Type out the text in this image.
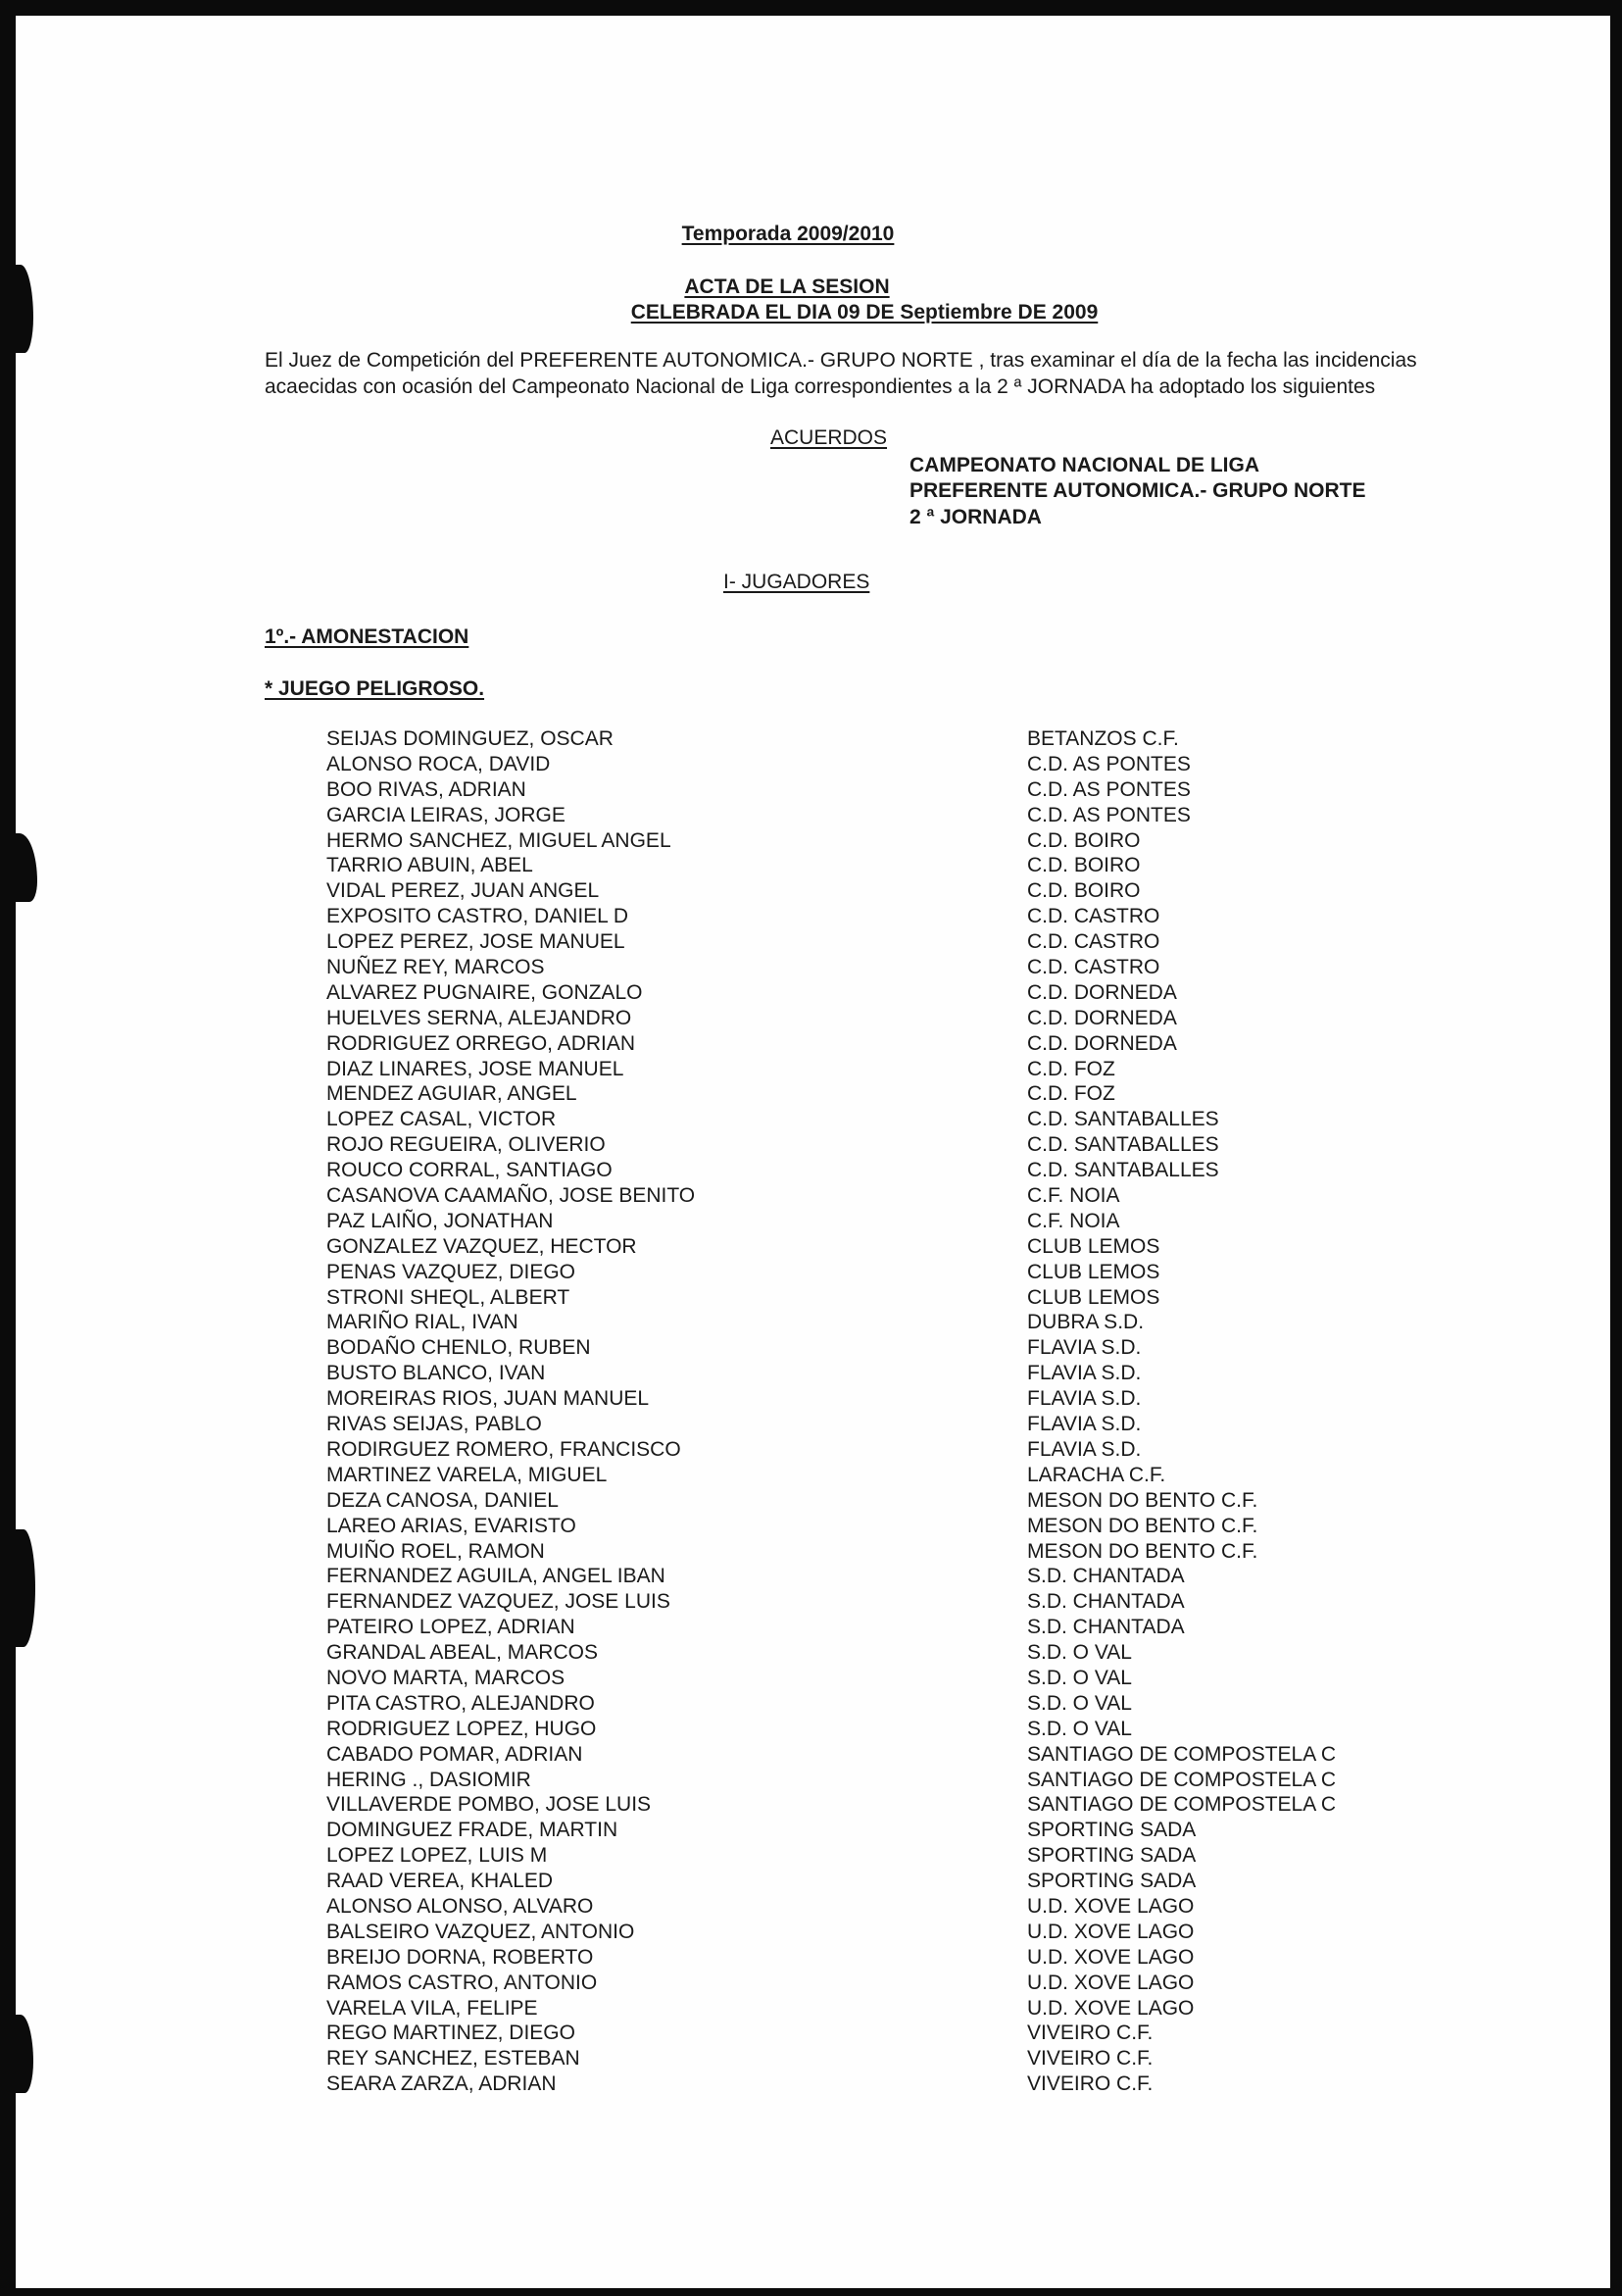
Temporada 2009/2010
ACTA DE LA SESION
CELEBRADA EL DIA 09 DE Septiembre DE 2009
El Juez de Competición del PREFERENTE AUTONOMICA.- GRUPO NORTE , tras examinar el día de la fecha las incidencias acaecidas con ocasión del Campeonato Nacional de Liga correspondientes a la 2 ª JORNADA ha adoptado los siguientes
ACUERDOS
CAMPEONATO NACIONAL DE LIGA
PREFERENTE AUTONOMICA.- GRUPO NORTE
2 ª JORNADA
I- JUGADORES
1º.- AMONESTACION
* JUEGO PELIGROSO.
SEIJAS DOMINGUEZ, OSCAR	BETANZOS C.F.
ALONSO ROCA, DAVID	C.D. AS PONTES
BOO RIVAS, ADRIAN	C.D. AS PONTES
GARCIA LEIRAS, JORGE	C.D. AS PONTES
HERMO SANCHEZ, MIGUEL ANGEL	C.D. BOIRO
TARRIO ABUIN, ABEL	C.D. BOIRO
VIDAL PEREZ, JUAN ANGEL	C.D. BOIRO
EXPOSITO CASTRO, DANIEL D	C.D. CASTRO
LOPEZ PEREZ, JOSE MANUEL	C.D. CASTRO
NUÑEZ REY, MARCOS	C.D. CASTRO
ALVAREZ PUGNAIRE, GONZALO	C.D. DORNEDA
HUELVES SERNA, ALEJANDRO	C.D. DORNEDA
RODRIGUEZ ORREGO, ADRIAN	C.D. DORNEDA
DIAZ LINARES, JOSE MANUEL	C.D. FOZ
MENDEZ AGUIAR, ANGEL	C.D. FOZ
LOPEZ CASAL, VICTOR	C.D. SANTABALLES
ROJO REGUEIRA, OLIVERIO	C.D. SANTABALLES
ROUCO CORRAL, SANTIAGO	C.D. SANTABALLES
CASANOVA CAAMAÑO, JOSE BENITO	C.F. NOIA
PAZ LAIÑO, JONATHAN	C.F. NOIA
GONZALEZ VAZQUEZ, HECTOR	CLUB LEMOS
PENAS VAZQUEZ, DIEGO	CLUB LEMOS
STRONI SHEQL, ALBERT	CLUB LEMOS
MARIÑO RIAL, IVAN	DUBRA S.D.
BODAÑO CHENLO, RUBEN	FLAVIA S.D.
BUSTO BLANCO, IVAN	FLAVIA S.D.
MOREIRAS RIOS, JUAN MANUEL	FLAVIA S.D.
RIVAS SEIJAS, PABLO	FLAVIA S.D.
RODIRGUEZ ROMERO, FRANCISCO	FLAVIA S.D.
MARTINEZ VARELA, MIGUEL	LARACHA C.F.
DEZA CANOSA, DANIEL	MESON DO BENTO C.F.
LAREO ARIAS, EVARISTO	MESON DO BENTO C.F.
MUIÑO ROEL, RAMON	MESON DO BENTO C.F.
FERNANDEZ AGUILA, ANGEL IBAN	S.D. CHANTADA
FERNANDEZ VAZQUEZ, JOSE LUIS	S.D. CHANTADA
PATEIRO LOPEZ, ADRIAN	S.D. CHANTADA
GRANDAL ABEAL, MARCOS	S.D. O VAL
NOVO MARTA, MARCOS	S.D. O VAL
PITA CASTRO, ALEJANDRO	S.D. O VAL
RODRIGUEZ LOPEZ, HUGO	S.D. O VAL
CABADO POMAR, ADRIAN	SANTIAGO DE COMPOSTELA C
HERING ., DASIOMIR	SANTIAGO DE COMPOSTELA C
VILLAVERDE POMBO, JOSE LUIS	SANTIAGO DE COMPOSTELA C
DOMINGUEZ FRADE, MARTIN	SPORTING SADA
LOPEZ LOPEZ, LUIS M	SPORTING SADA
RAAD VEREA, KHALED	SPORTING SADA
ALONSO ALONSO, ALVARO	U.D. XOVE LAGO
BALSEIRO VAZQUEZ, ANTONIO	U.D. XOVE LAGO
BREIJO DORNA, ROBERTO	U.D. XOVE LAGO
RAMOS CASTRO, ANTONIO	U.D. XOVE LAGO
VARELA VILA, FELIPE	U.D. XOVE LAGO
REGO MARTINEZ, DIEGO	VIVEIRO C.F.
REY SANCHEZ, ESTEBAN	VIVEIRO C.F.
SEARA ZARZA, ADRIAN	VIVEIRO C.F.
